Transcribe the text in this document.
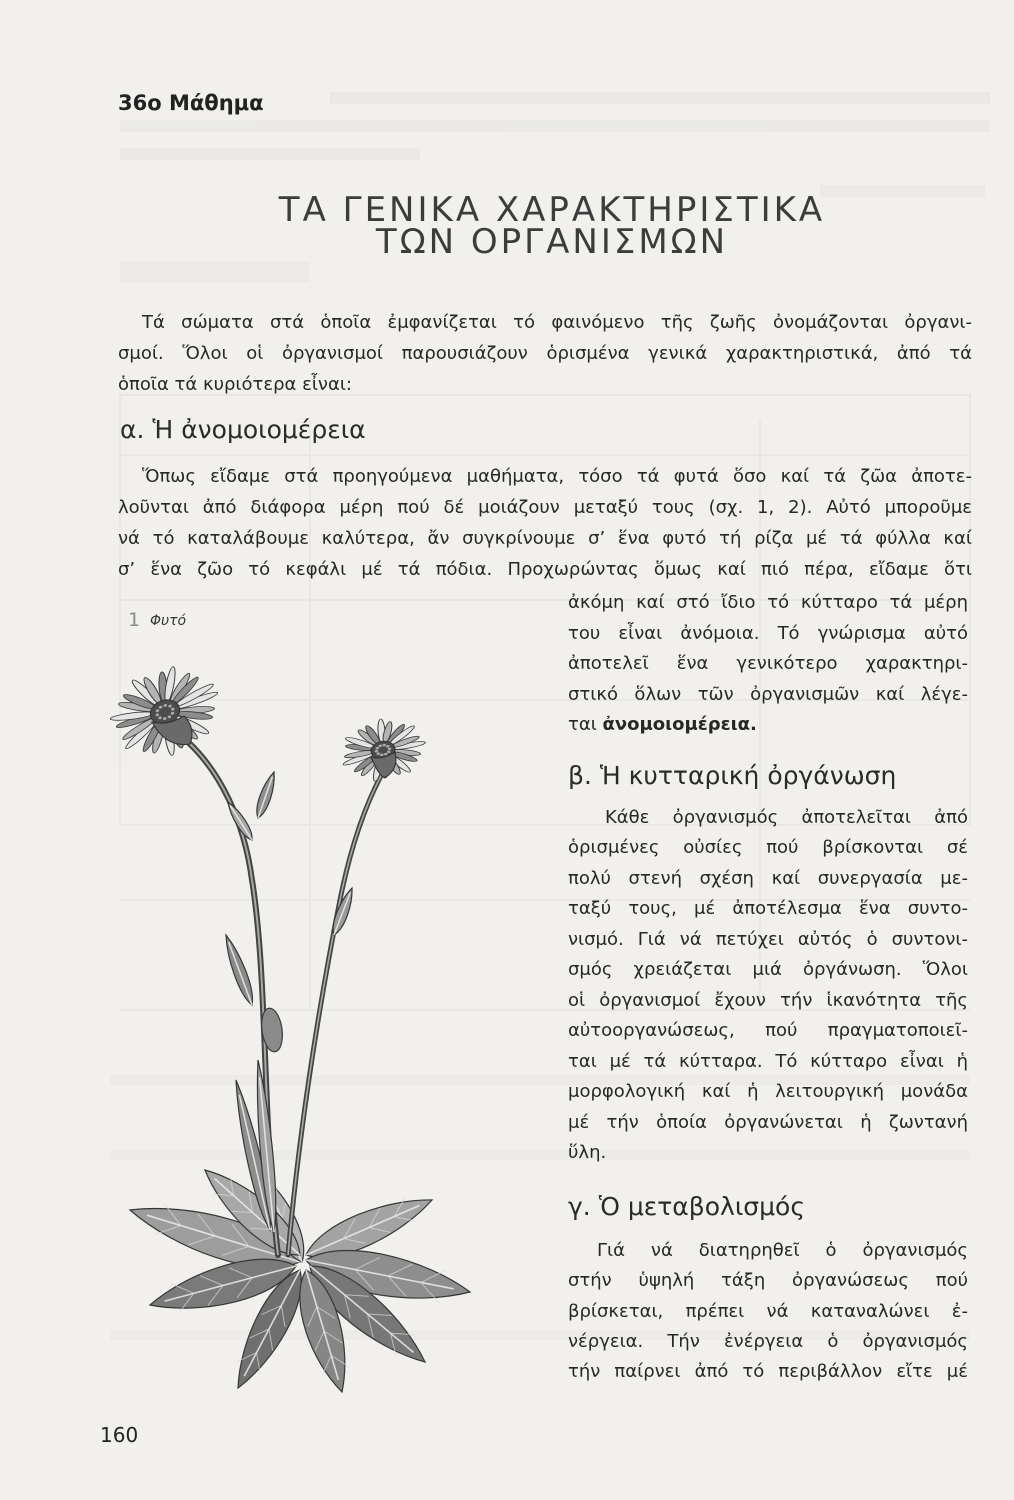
36ο Μάθημα
ΤΑ ΓΕΝΙΚΑ ΧΑΡΑΚΤΗΡΙΣΤΙΚΑ
ΤΩΝ ΟΡΓΑΝΙΣΜΩΝ
Τά σώματα στά ὁποῖα ἐμφανίζεται τό φαινόμενο τῆς ζωῆς ὀνομάζονται ὀργανι-
σμοί. Ὅλοι οἱ ὀργανισμοί παρουσιάζουν ὁρισμένα γενικά χαρακτηριστικά, ἀπό τά
ὁποῖα τά κυριότερα εἶναι:
α. Ἡ ἀνομοιομέρεια
Ὅπως εἴδαμε στά προηγούμενα μαθήματα, τόσο τά φυτά ὅσο καί τά ζῶα ἀποτε-
λοῦνται ἀπό διάφορα μέρη πού δέ μοιάζουν μεταξύ τους (σχ. 1, 2). Αὐτό μποροῦμε
νά τό καταλάβουμε καλύτερα, ἄν συγκρίνουμε σ’ ἕνα φυτό τή ρίζα μέ τά φύλλα καί
σ’ ἕνα ζῶο τό κεφάλι μέ τά πόδια. Προχωρώντας ὅμως καί πιό πέρα, εἴδαμε ὅτι
ἀκόμη καί στό ἴδιο τό κύτταρο τά μέρη
του εἶναι ἀνόμοια. Τό γνώρισμα αὐτό
ἀποτελεῖ ἕνα γενικότερο χαρακτηρι-
στικό ὅλων τῶν ὀργανισμῶν καί λέγε-
ται ἀνομοιομέρεια.
1 Φυτό
β. Ἡ κυτταρική ὀργάνωση
Κάθε ὀργανισμός ἀποτελεῖται ἀπό
ὁρισμένες οὐσίες πού βρίσκονται σέ
πολύ στενή σχέση καί συνεργασία με-
ταξύ τους, μέ ἀποτέλεσμα ἕνα συντο-
νισμό. Γιά νά πετύχει αὐτός ὁ συντονι-
σμός χρειάζεται μιά ὀργάνωση. Ὅλοι
οἱ ὀργανισμοί ἔχουν τήν ἱκανότητα τῆς
αὐτοοργανώσεως, πού πραγματοποιεῖ-
ται μέ τά κύτταρα. Τό κύτταρο εἶναι ἡ
μορφολογική καί ἡ λειτουργική μονάδα
μέ τήν ὁποία ὀργανώνεται ἡ ζωντανή
ὕλη.
γ. Ὁ μεταβολισμός
Γιά νά διατηρηθεῖ ὁ ὀργανισμός
στήν ὑψηλή τάξη ὀργανώσεως πού
βρίσκεται, πρέπει νά καταναλώνει ἐ-
νέργεια. Τήν ἐνέργεια ὁ ὀργανισμός
τήν παίρνει ἀπό τό περιβάλλον εἴτε μέ
160
